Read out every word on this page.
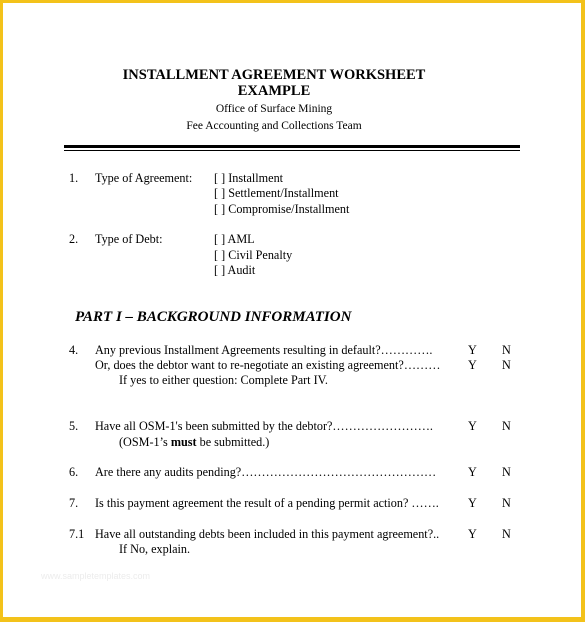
INSTALLMENT AGREEMENT WORKSHEET
EXAMPLE
Office of Surface Mining
Fee Accounting and Collections Team
1. Type of Agreement: [ ] Installment
[ ] Settlement/Installment
[ ] Compromise/Installment
2. Type of Debt:	[ ] AML
[ ] Civil Penalty
[ ] Audit
PART I – BACKGROUND INFORMATION
4. Any previous Installment Agreements resulting in default?………….	Y N
Or, does the debtor want to re-negotiate an existing agreement?……… Y N
If yes to either question: Complete Part IV.
5. Have all OSM-1's been submitted by the debtor?…………………….	Y N
(OSM-1’s must be submitted.)
6. Are there any audits pending?…………………………………………	Y N
7. Is this payment agreement the result of a pending permit action? ……. Y N
7.1 Have all outstanding debts been included in this payment agreement?.. Y N
If No, explain.
www.sampletemplates.com
